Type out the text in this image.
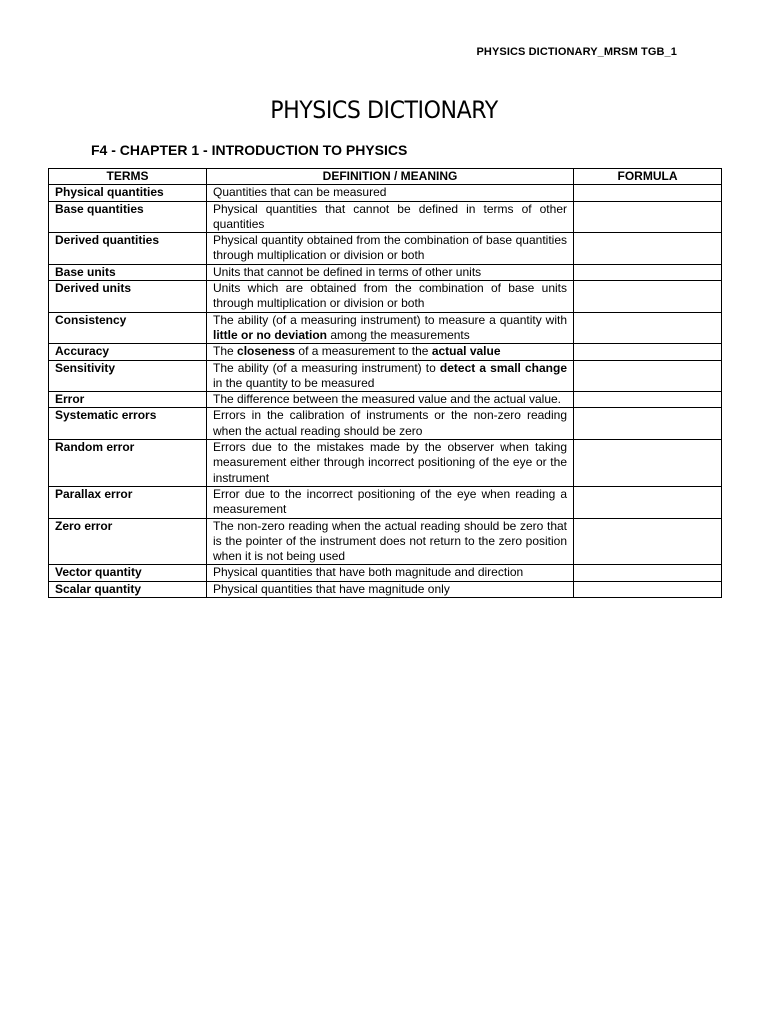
PHYSICS DICTIONARY_MRSM TGB_1
PHYSICS DICTIONARY
F4 - CHAPTER 1 - INTRODUCTION TO PHYSICS
TERMS	DEFINITION / MEANING	FORMULA
Physical quantities	Quantities that can be measured	
Base quantities	Physical quantities that cannot be defined in terms of other quantities	
Derived quantities	Physical quantity obtained from the combination of base quantities through multiplication or division or both	
Base units	Units that cannot be defined in terms of other units	
Derived units	Units which are obtained from the combination of base units through multiplication or division or both	
Consistency	The ability (of a measuring instrument) to measure a quantity with little or no deviation among the measurements	
Accuracy	The closeness of a measurement to the actual value	
Sensitivity	The ability (of a measuring instrument) to detect a small change in the quantity to be measured	
Error	The difference between the measured value and the actual value.	
Systematic errors	Errors in the calibration of instruments or the non-zero reading when the actual reading should be zero	
Random error	Errors due to the mistakes made by the observer when taking measurement either through incorrect positioning of the eye or the instrument	
Parallax error	Error due to the incorrect positioning of the eye when reading a measurement	
Zero error	The non-zero reading when the actual reading should be zero that is the pointer of the instrument does not return to the zero position when it is not being used	
Vector quantity	Physical quantities that have both magnitude and direction	
Scalar quantity	Physical quantities that have magnitude only	
